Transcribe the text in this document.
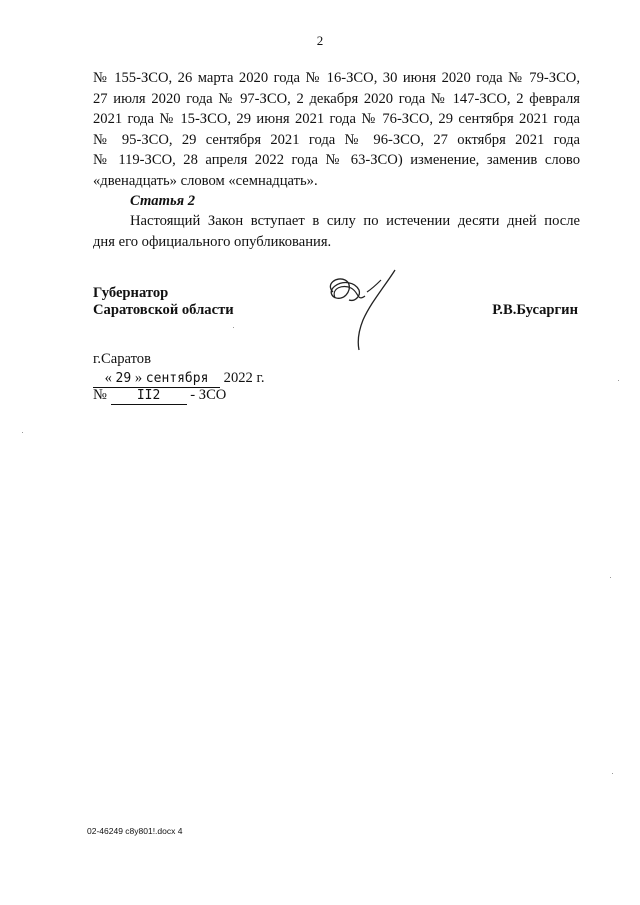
2
№ 155-ЗСО, 26 марта 2020 года № 16-ЗСО, 30 июня 2020 года № 79-ЗСО,
27 июля 2020 года № 97-ЗСО, 2 декабря 2020 года № 147-ЗСО, 2 февраля
2021 года № 15-ЗСО, 29 июня 2021 года № 76-ЗСО, 29 сентября 2021 года
№ 95-ЗСО, 29 сентября 2021 года № 96-ЗСО, 27 октября 2021 года
№ 119-ЗСО, 28 апреля 2022 года № 63-ЗСО) изменение, заменив слово
«двенадцать» словом «семнадцать».
Статья 2
Настоящий Закон вступает в силу по истечении десяти дней после
дня его официального опубликования.
Губернатор
Саратовской области	Р.В.Бусаргин
г.Саратов
« 29 » сентября 2022 г.
№ II2 - ЗСО
02-46249 c8y801!.docx 4
